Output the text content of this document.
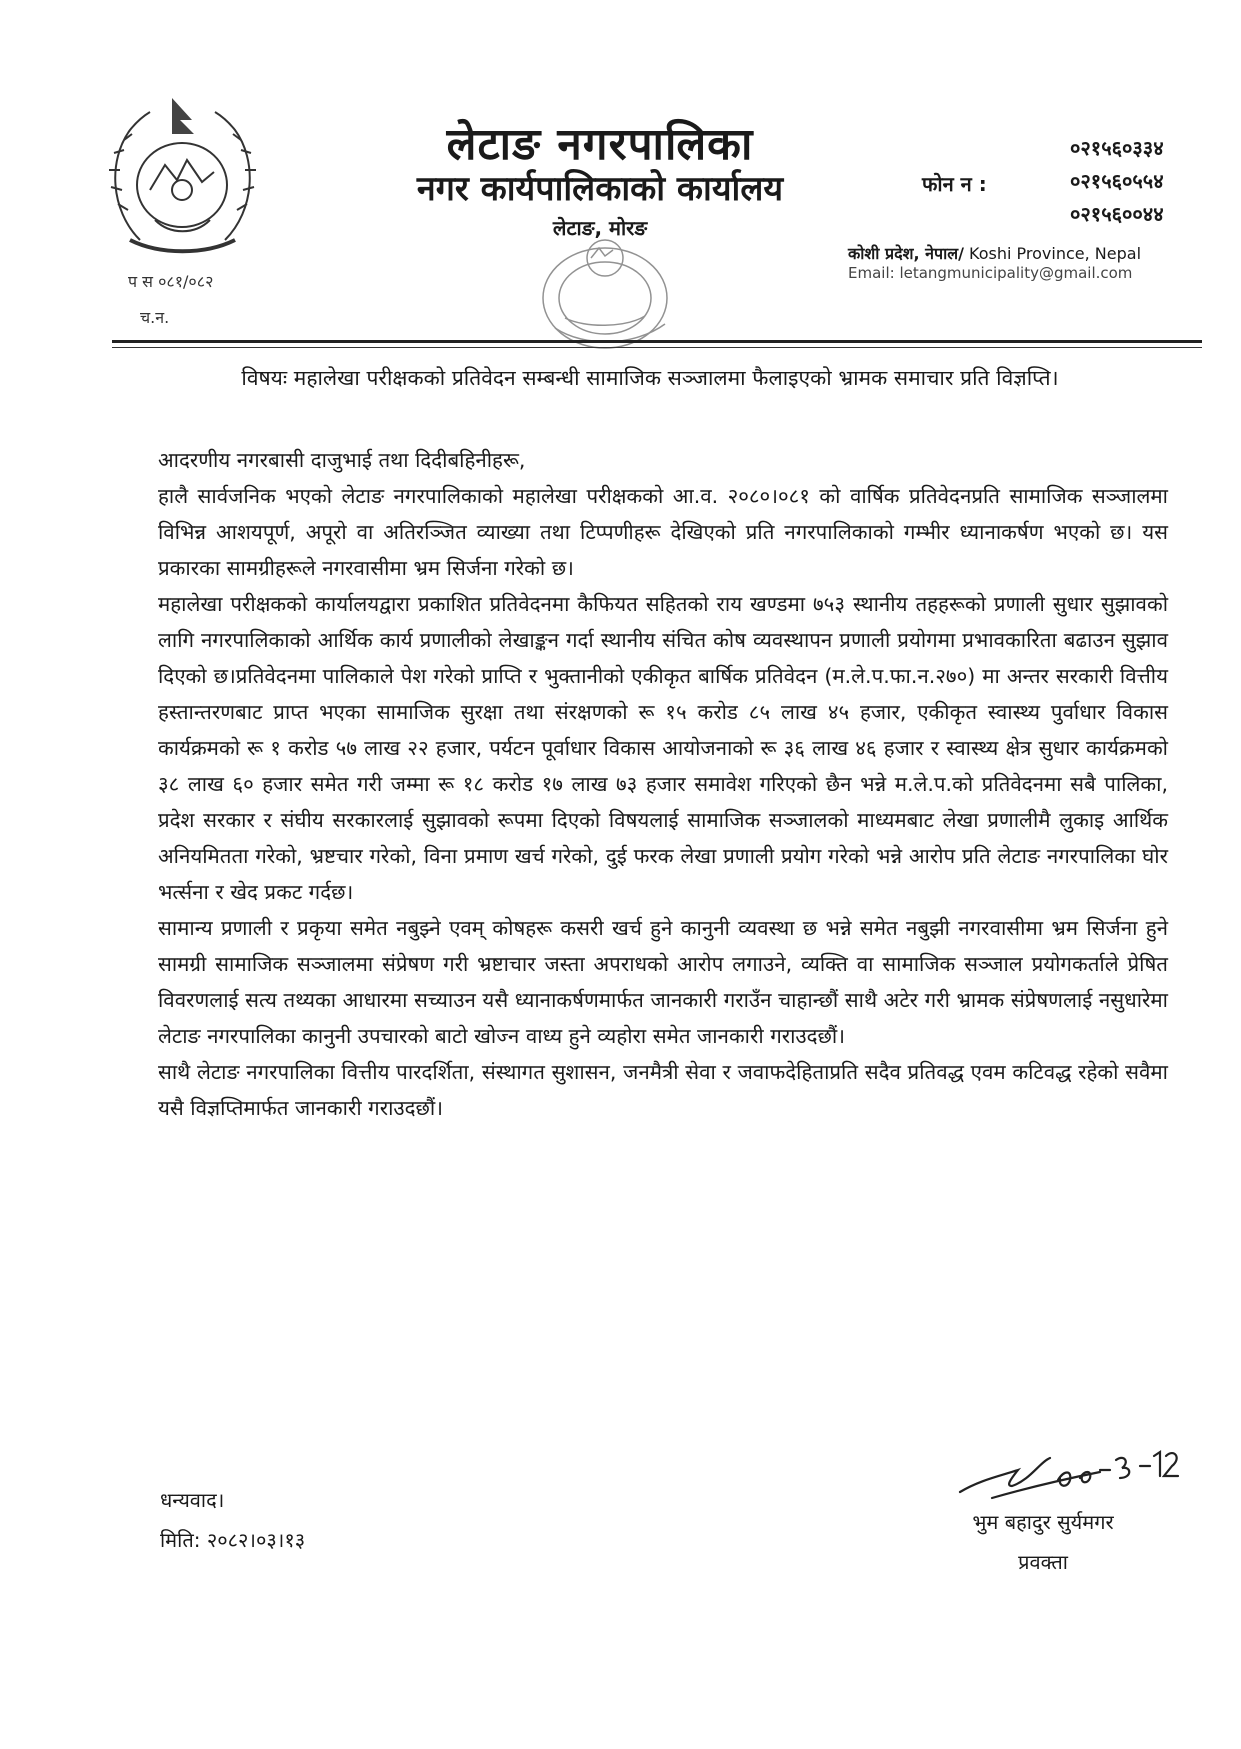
लेटाङ नगरपालिका
नगर कार्यपालिकाको कार्यालय
लेटाङ, मोरङ
फोन न :
०२१५६०३३४
०२१५६०५५४
०२१५६००४४
कोशी प्रदेश, नेपाल/ Koshi Province, Nepal
Email: letangmunicipality@gmail.com
प स ०८१/०८२
च.न.

विषयः महालेखा परीक्षकको प्रतिवेदन सम्बन्धी सामाजिक सञ्जालमा फैलाइएको भ्रामक समाचार प्रति विज्ञप्ति।

आदरणीय नगरबासी दाजुभाई तथा दिदीबहिनीहरू,

हालै सार्वजनिक भएको लेटाङ नगरपालिकाको महालेखा परीक्षकको आ.व. २०८०।०८१ को वार्षिक प्रतिवेदनप्रति सामाजिक सञ्जालमा विभिन्न आशयपूर्ण, अपूरो वा अतिरञ्जित व्याख्या तथा टिप्पणीहरू देखिएको प्रति नगरपालिकाको गम्भीर ध्यानाकर्षण भएको छ। यस प्रकारका सामग्रीहरूले नगरवासीमा भ्रम सिर्जना गरेको छ।

महालेखा परीक्षकको कार्यालयद्वारा प्रकाशित प्रतिवेदनमा कैफियत सहितको राय खण्डमा ७५३ स्थानीय तहहरूको प्रणाली सुधार सुझावको लागि नगरपालिकाको आर्थिक कार्य प्रणालीको लेखाङ्कन गर्दा स्थानीय संचित कोष व्यवस्थापन प्रणाली प्रयोगमा प्रभावकारिता बढाउन सुझाव दिएको छ।प्रतिवेदनमा पालिकाले पेश गरेको प्राप्ति र भुक्तानीको एकीकृत बार्षिक प्रतिवेदन (म.ले.प.फा.न.२७०) मा अन्तर सरकारी वित्तीय हस्तान्तरणबाट प्राप्त भएका सामाजिक सुरक्षा तथा संरक्षणको रू १५ करोड ८५ लाख ४५ हजार, एकीकृत स्वास्थ्य पुर्वाधार विकास कार्यक्रमको रू १ करोड ५७ लाख २२ हजार, पर्यटन पूर्वाधार विकास आयोजनाको रू ३६ लाख ४६ हजार र स्वास्थ्य क्षेत्र सुधार कार्यक्रमको ३८ लाख ६० हजार समेत गरी जम्मा रू १८ करोड १७ लाख ७३ हजार समावेश गरिएको छैन भन्ने म.ले.प.को प्रतिवेदनमा सबै पालिका, प्रदेश सरकार र संघीय सरकारलाई सुझावको रूपमा दिएको विषयलाई सामाजिक सञ्जालको माध्यमबाट लेखा प्रणालीमै लुकाइ आर्थिक अनियमितता गरेको, भ्रष्टचार गरेको, विना प्रमाण खर्च गरेको, दुई फरक लेखा प्रणाली प्रयोग गरेको भन्ने आरोप प्रति लेटाङ नगरपालिका घोर भर्त्सना र खेद प्रकट गर्दछ।

सामान्य प्रणाली र प्रकृया समेत नबुझ्ने एवम् कोषहरू कसरी खर्च हुने कानुनी व्यवस्था छ भन्ने समेत नबुझी नगरवासीमा भ्रम सिर्जना हुने सामग्री सामाजिक सञ्जालमा संप्रेषण गरी भ्रष्टाचार जस्ता अपराधको आरोप लगाउने, व्यक्ति वा सामाजिक सञ्जाल प्रयोगकर्ताले प्रेषित विवरणलाई सत्य तथ्यका आधारमा सच्याउन यसै ध्यानाकर्षणमार्फत जानकारी गराउँन चाहान्छौं साथै अटेर गरी भ्रामक संप्रेषणलाई नसुधारेमा लेटाङ नगरपालिका कानुनी उपचारको बाटो खोज्न वाध्य हुने व्यहोरा समेत जानकारी गराउदछौं।

साथै लेटाङ नगरपालिका वित्तीय पारदर्शिता, संस्थागत सुशासन, जनमैत्री सेवा र जवाफदेहिताप्रति सदैव प्रतिवद्ध एवम कटिवद्ध रहेको सवैमा यसै विज्ञप्तिमार्फत जानकारी गराउदछौं।

धन्यवाद।
मिति: २०८२।०३।१३
भुम बहादुर सुर्यमगर
प्रवक्ता
